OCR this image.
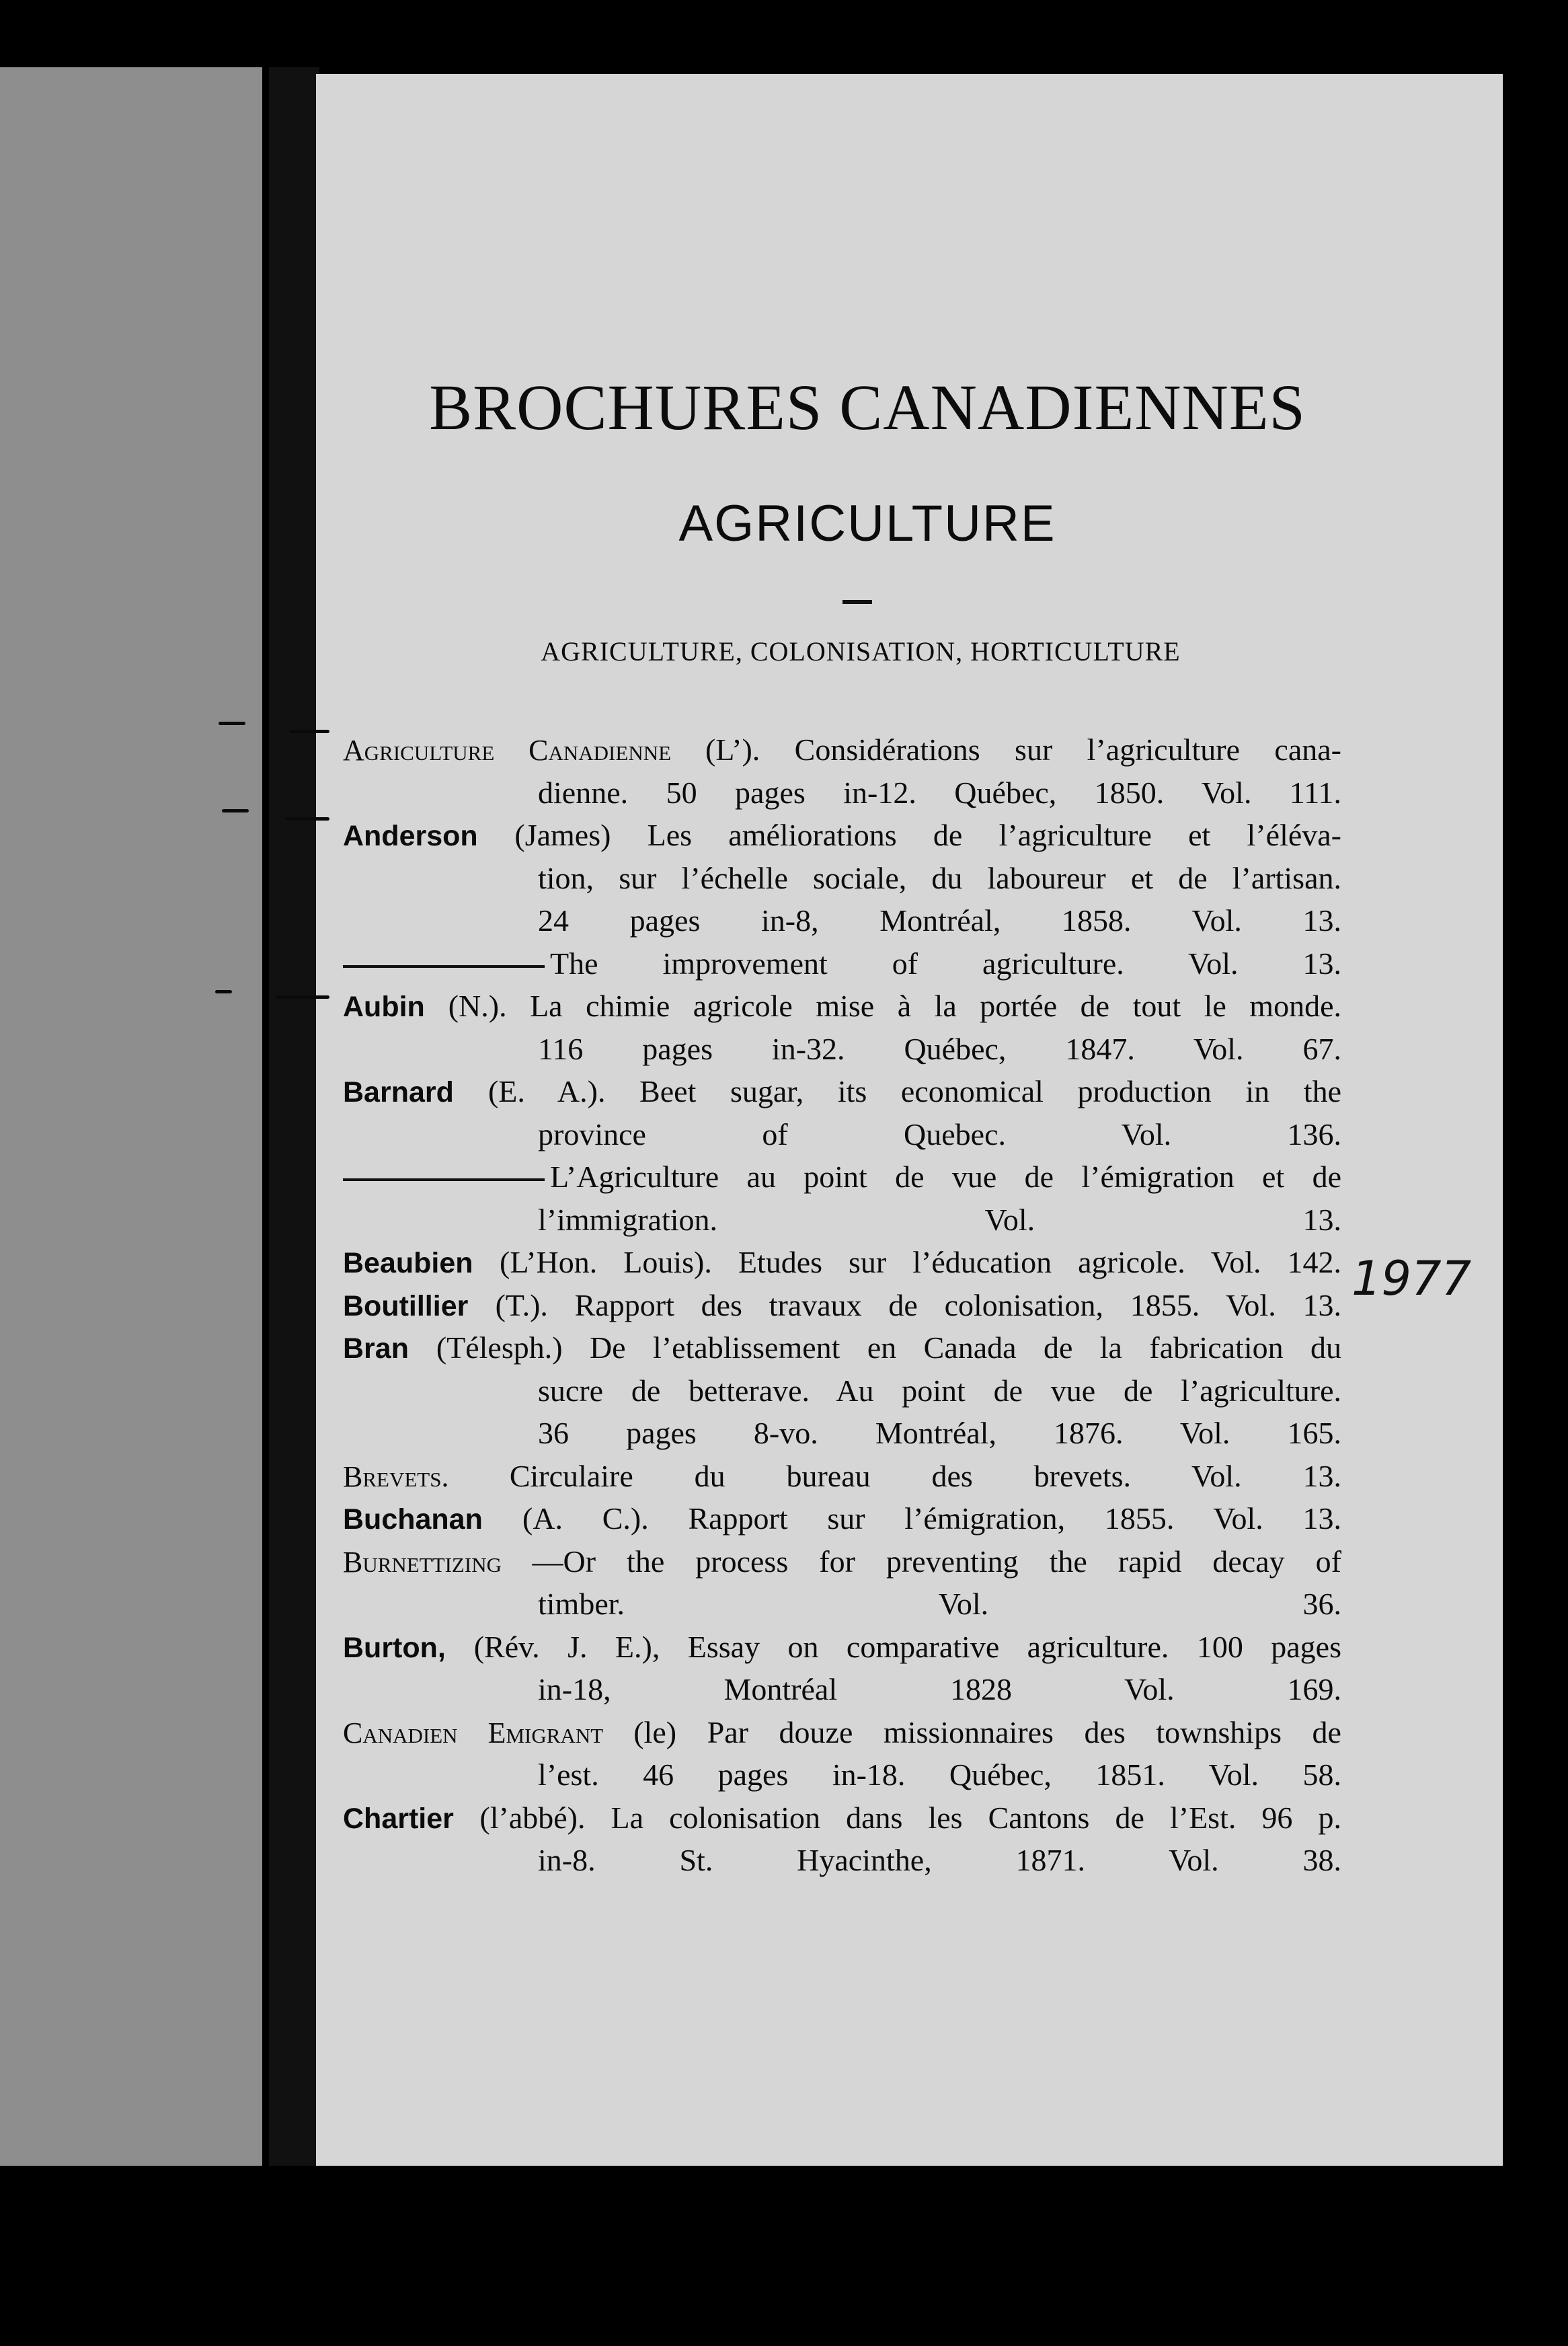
BROCHURES CANADIENNES
AGRICULTURE
AGRICULTURE, COLONISATION, HORTICULTURE
Agriculture Canadienne (L’). Considérations sur l’agriculture cana-
dienne. 50 pages in-12. Québec, 1850. Vol. 111.
Anderson (James) Les améliorations de l’agriculture et l’éléva-
tion, sur l’échelle sociale, du laboureur et de l’artisan.
24 pages in-8, Montréal, 1858. Vol. 13.
The improvement of agriculture. Vol. 13.
Aubin (N.). La chimie agricole mise à la portée de tout le monde.
116 pages in-32. Québec, 1847. Vol. 67.
Barnard (E. A.). Beet sugar, its economical production in the
province of Quebec. Vol. 136.
L’Agriculture au point de vue de l’émigration et de
l’immigration. Vol. 13.
Beaubien (L’Hon. Louis). Etudes sur l’éducation agricole. Vol. 142.
Boutillier (T.). Rapport des travaux de colonisation, 1855. Vol. 13.
Bran (Télesph.) De l’etablissement en Canada de la fabrication du
sucre de betterave. Au point de vue de l’agriculture.
36 pages 8-vo. Montréal, 1876. Vol. 165.
Brevets. Circulaire du bureau des brevets. Vol. 13.
Buchanan (A. C.). Rapport sur l’émigration, 1855. Vol. 13.
Burnettizing —Or the process for preventing the rapid decay of
timber. Vol. 36.
Burton, (Rév. J. E.), Essay on comparative agriculture. 100 pages
in-18, Montréal 1828 Vol. 169.
Canadien Emigrant (le) Par douze missionnaires des townships de
l’est. 46 pages in-18. Québec, 1851. Vol. 58.
Chartier (l’abbé). La colonisation dans les Cantons de l’Est. 96 p.
in-8. St. Hyacinthe, 1871. Vol. 38.
1977
